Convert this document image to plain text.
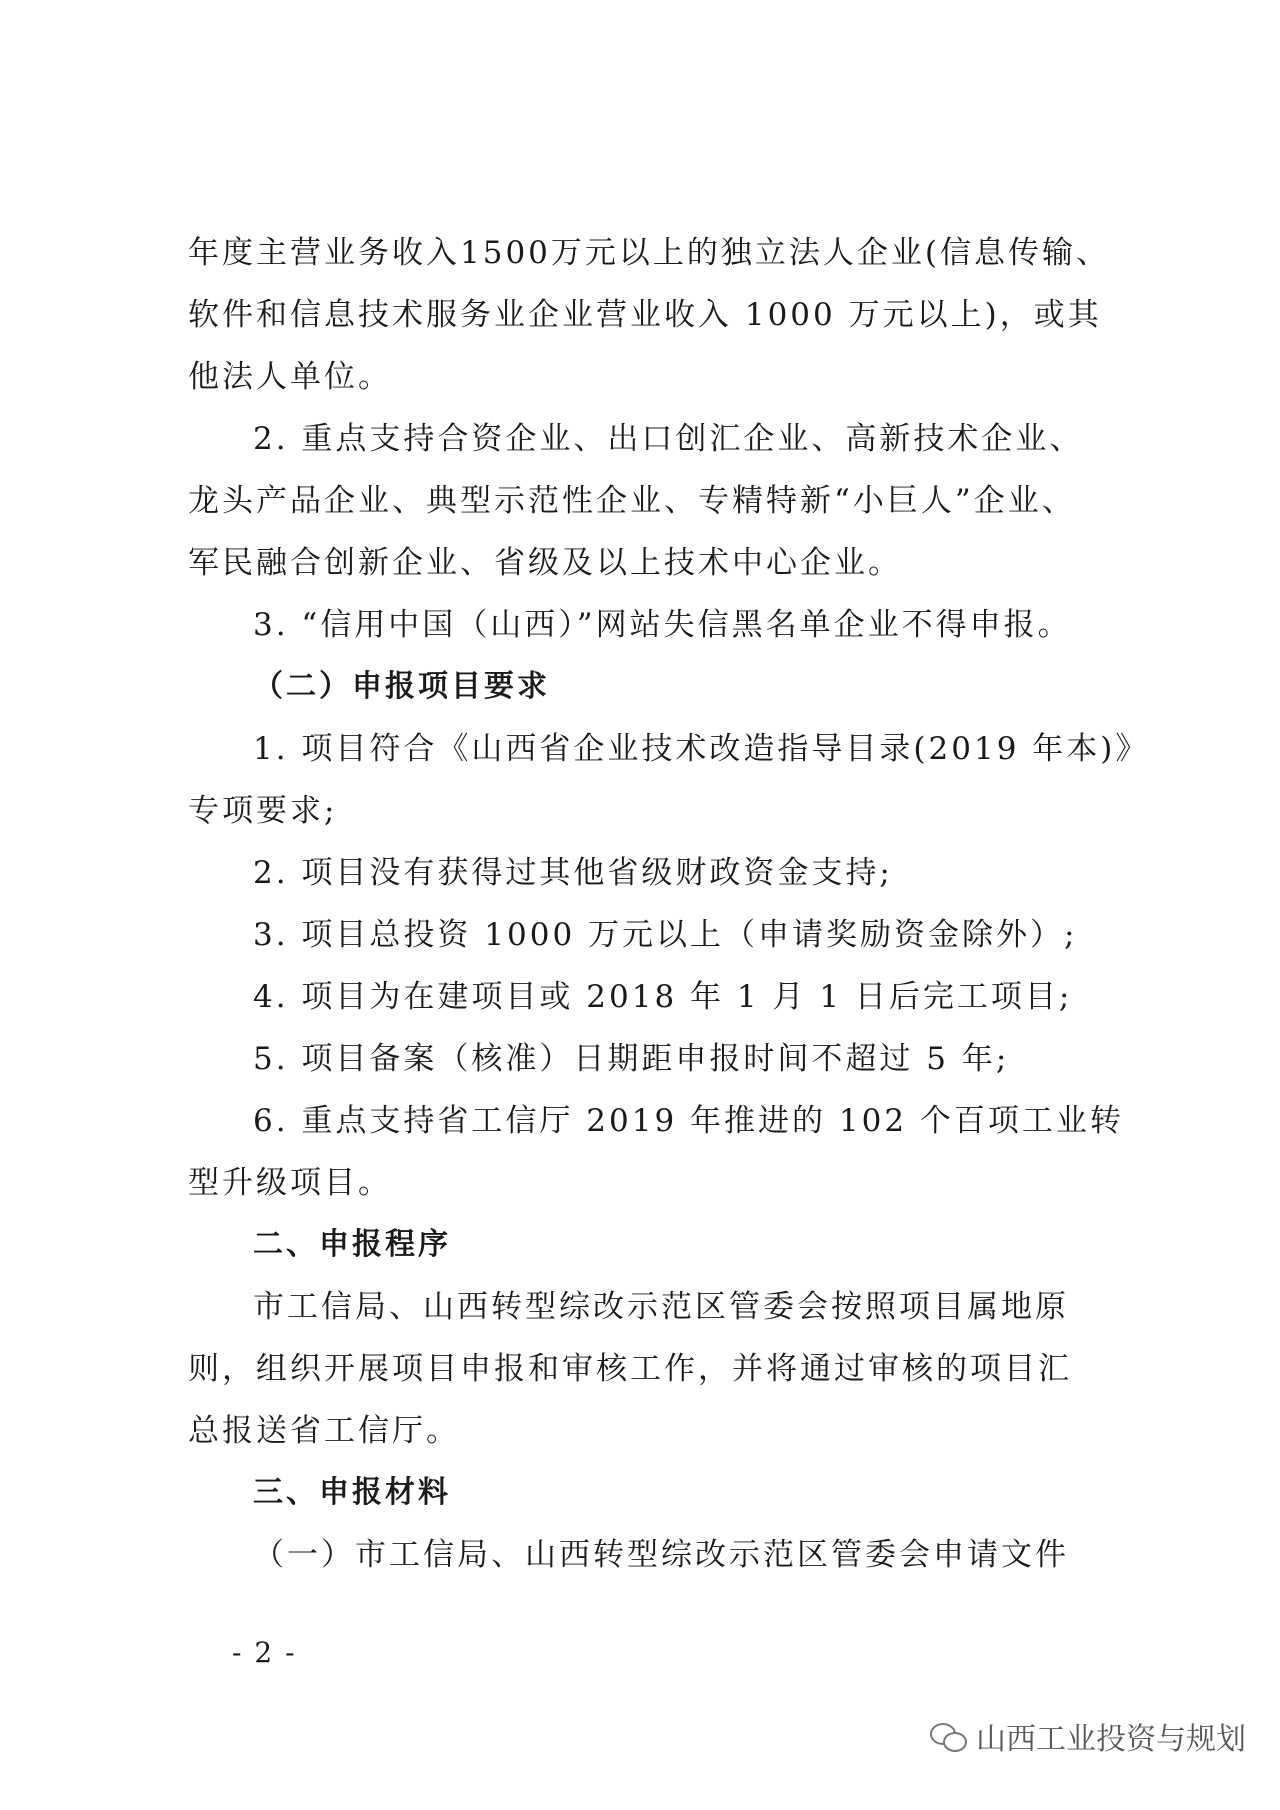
年度主营业务收入1500万元以上的独立法人企业(信息传输、
软件和信息技术服务业企业营业收入 1000 万元以上)，或其
他法人单位。
2. 重点支持合资企业、出口创汇企业、高新技术企业、
龙头产品企业、典型示范性企业、专精特新“小巨人”企业、
军民融合创新企业、省级及以上技术中心企业。
3. “信用中国（山西）”网站失信黑名单企业不得申报。
（二）申报项目要求
1. 项目符合《山西省企业技术改造指导目录(2019 年本)》
专项要求;
2. 项目没有获得过其他省级财政资金支持;
3. 项目总投资 1000 万元以上（申请奖励资金除外）;
4. 项目为在建项目或 2018 年 1 月 1 日后完工项目;
5. 项目备案（核准）日期距申报时间不超过 5 年;
6. 重点支持省工信厅 2019 年推进的 102 个百项工业转
型升级项目。
二、申报程序
市工信局、山西转型综改示范区管委会按照项目属地原
则，组织开展项目申报和审核工作，并将通过审核的项目汇
总报送省工信厅。
三、申报材料
（一）市工信局、山西转型综改示范区管委会申请文件
- 2 -
山西工业投资与规划
